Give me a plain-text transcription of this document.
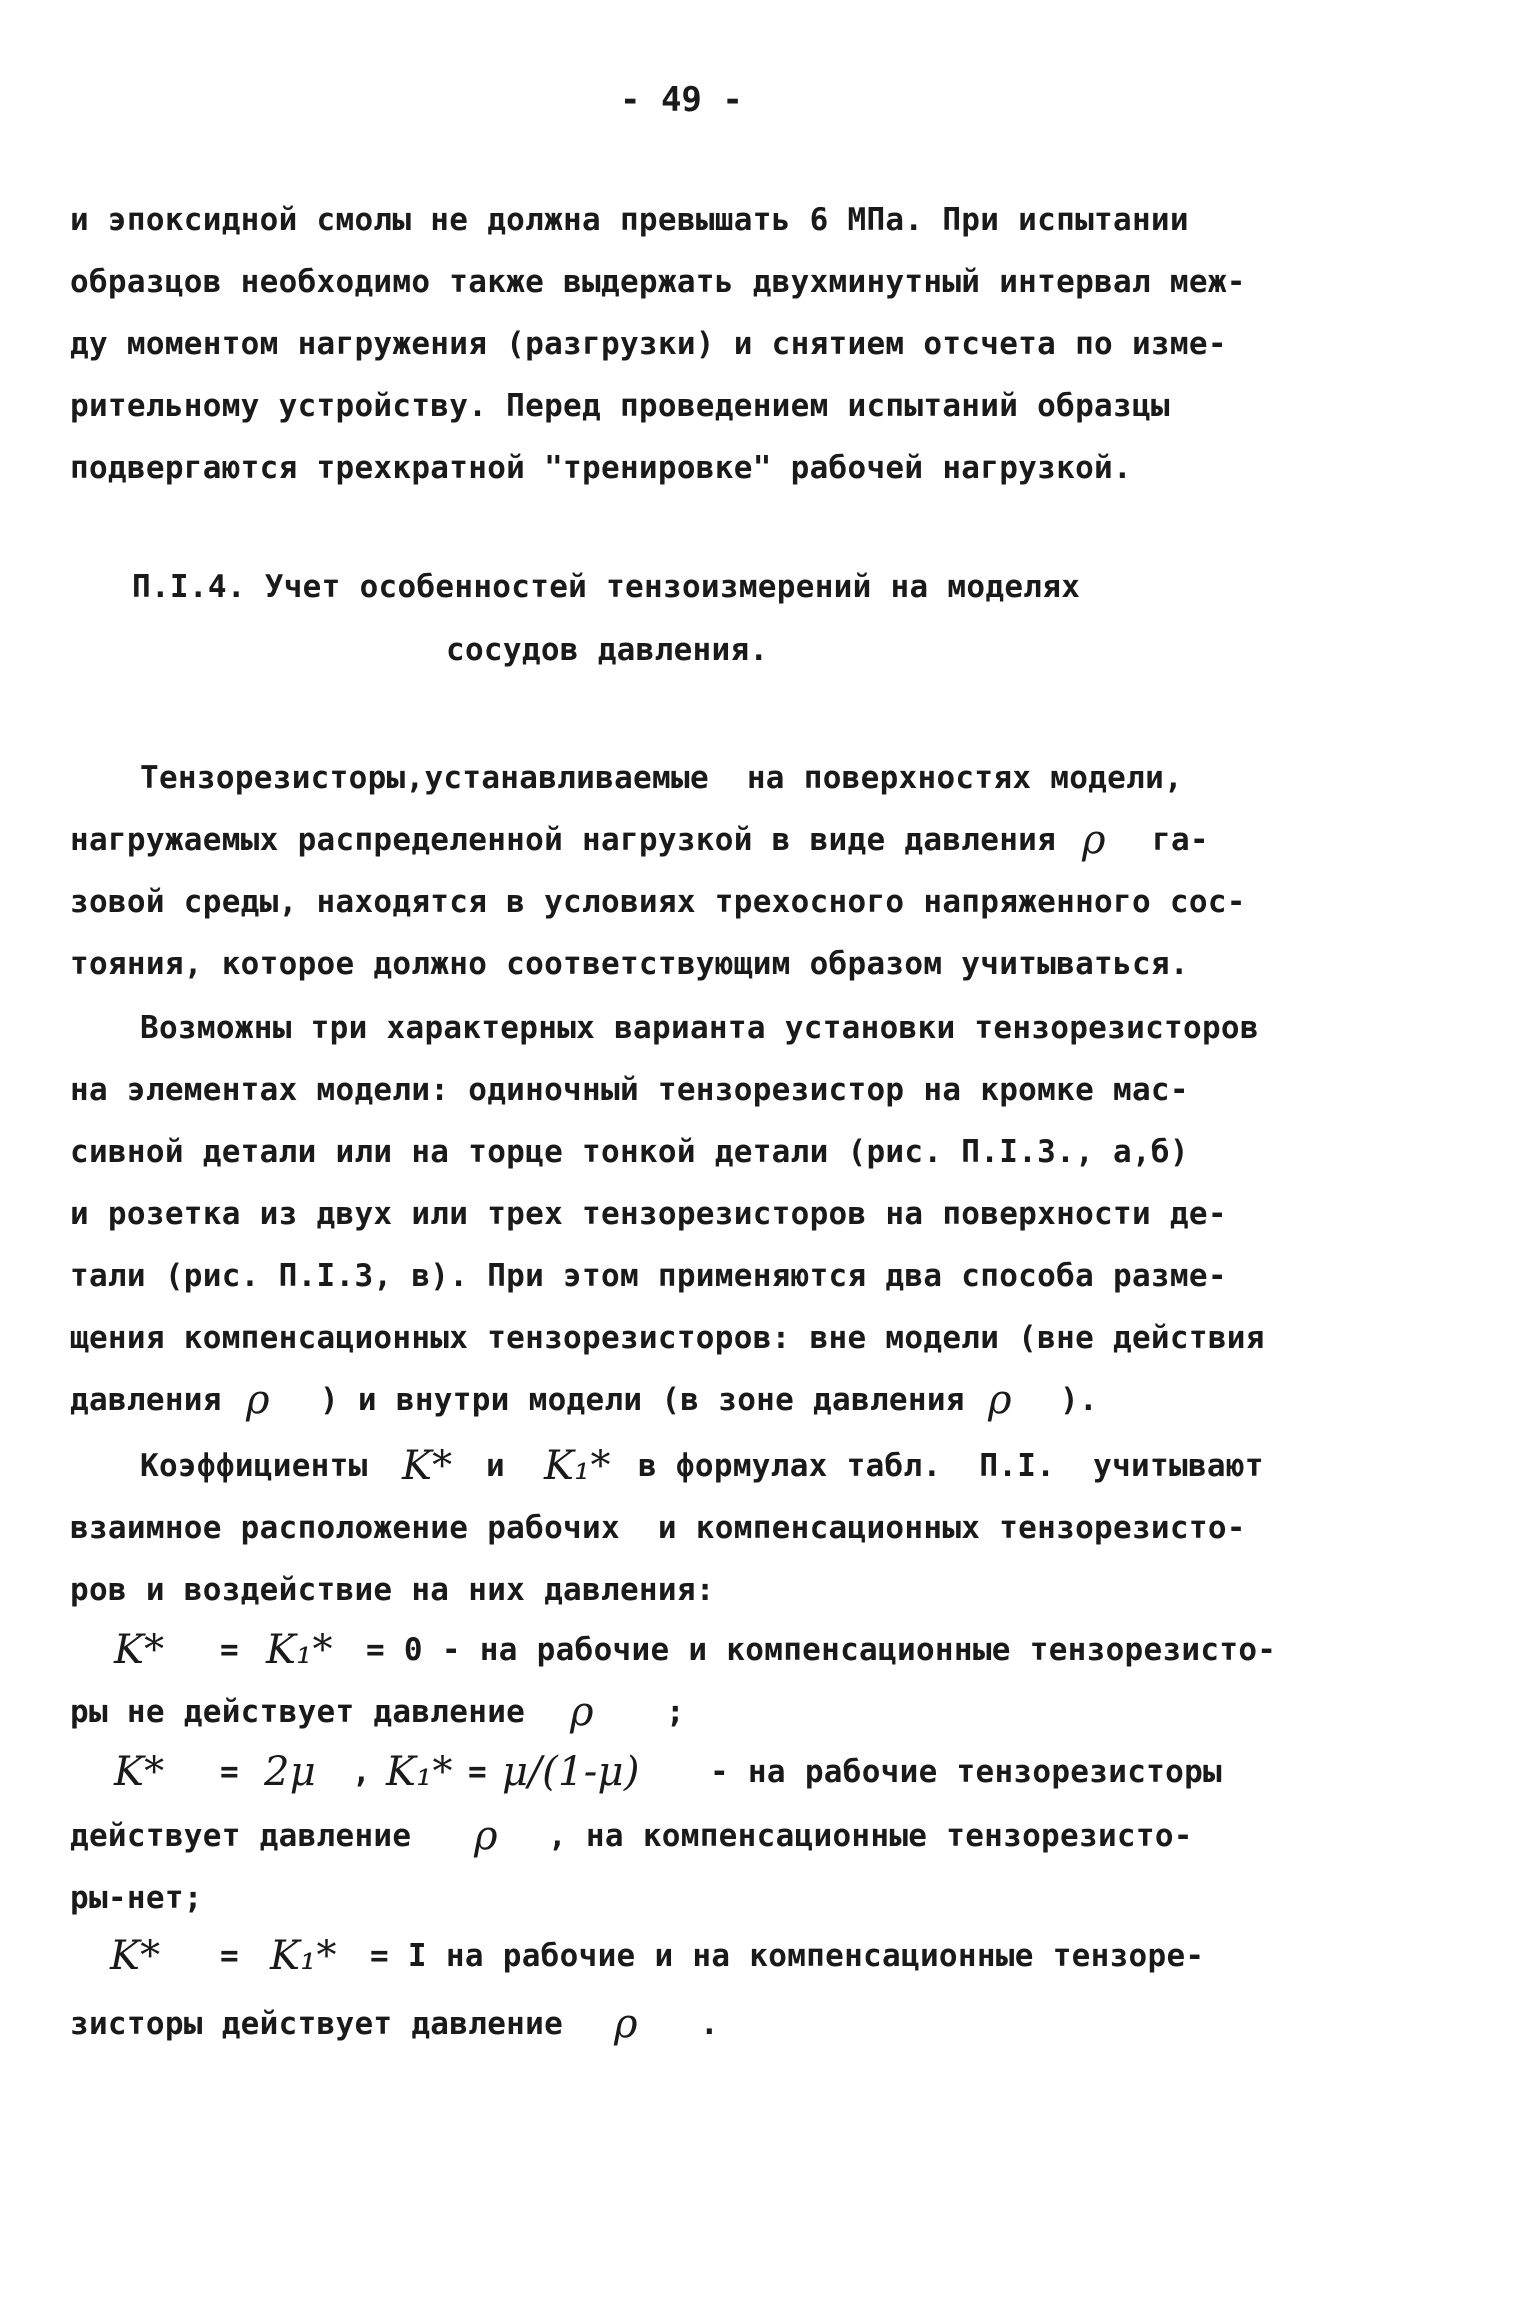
- 49 -
и эпоксидной смолы не должна превышать 6 МПа. При испытании
образцов необходимо также выдержать двухминутный интервал меж-
ду моментом нагружения (разгрузки) и снятием отсчета по изме-
рительному устройству. Перед проведением испытаний образцы
подвергаются трехкратной "тренировке" рабочей нагрузкой.
П.I.4. Учет особенностей тензоизмерений на моделях
сосудов давления.
Тензорезисторы,устанавливаемые  на поверхностях модели,
нагружаемых распределенной нагрузкой в виде давления ρ га-
зовой среды, находятся в условиях трехосного напряженного сос-
тояния, которое должно соответствующим образом учитываться.
Возможны три характерных варианта установки тензорезисторов
на элементах модели: одиночный тензорезистор на кромке мас-
сивной детали или на торце тонкой детали (рис. П.I.3., а,б)
и розетка из двух или трех тензорезисторов на поверхности де-
тали (рис. П.I.3, в). При этом применяются два способа разме-
щения компенсационных тензорезисторов: вне модели (вне действия
давления ρ ) и внутри модели (в зоне давления ρ ).
Коэффициенты K* и K₁* в формулах табл.  П.I.  учитывают
взаимное расположение рабочих  и компенсационных тензорезисто-
ров и воздействие на них давления:
K* = K₁* = 0 - на рабочие и компенсационные тензорезисто-
ры не действует давление ρ ;
K* = 2μ , K₁* = μ/(1-μ) - на рабочие тензорезисторы
действует давление ρ , на компенсационные тензорезисто-
ры-нет;
K* = K₁* = I на рабочие и на компенсационные тензоре-
зисторы действует давление ρ .
